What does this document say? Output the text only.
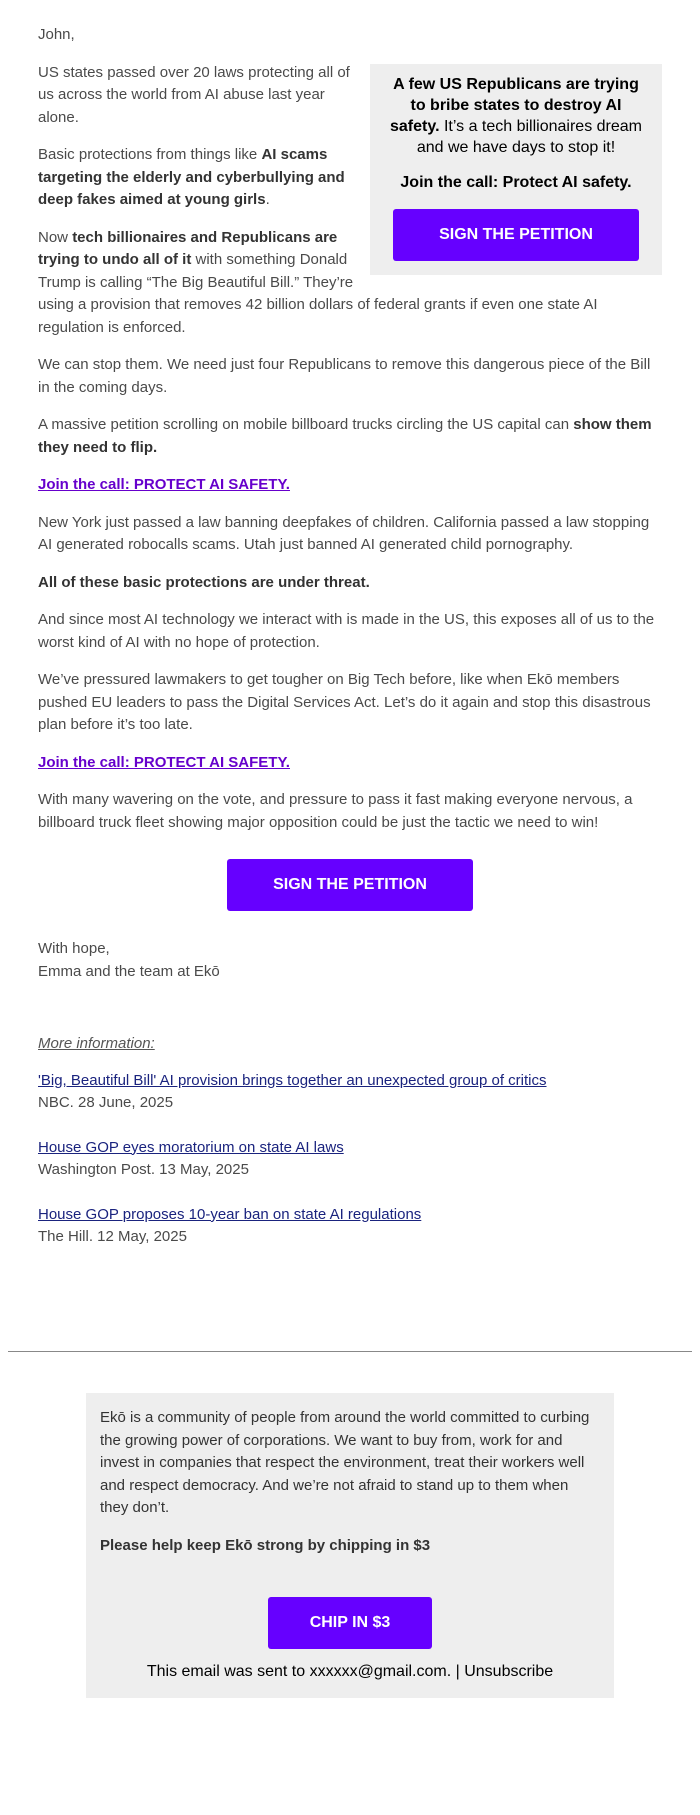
John,

A few US Republicans are trying to bribe states to destroy AI safety. It’s a tech billionaires dream and we have days to stop it!

Join the call: Protect AI safety.

SIGN THE PETITION

US states passed over 20 laws protecting all of us across the world from AI abuse last year alone.

Basic protections from things like AI scams targeting the elderly and cyberbullying and deep fakes aimed at young girls.

Now tech billionaires and Republicans are trying to undo all of it with something Donald Trump is calling “The Big Beautiful Bill.” They’re using a provision that removes 42 billion dollars of federal grants if even one state AI regulation is enforced.

We can stop them. We need just four Republicans to remove this dangerous piece of the Bill in the coming days.

A massive petition scrolling on mobile billboard trucks circling the US capital can show them they need to flip.

Join the call: PROTECT AI SAFETY.

New York just passed a law banning deepfakes of children. California passed a law stopping AI generated robocalls scams. Utah just banned AI generated child pornography.

All of these basic protections are under threat.

And since most AI technology we interact with is made in the US, this exposes all of us to the worst kind of AI with no hope of protection.

We’ve pressured lawmakers to get tougher on Big Tech before, like when Ekō members pushed EU leaders to pass the Digital Services Act. Let’s do it again and stop this disastrous plan before it’s too late.

Join the call: PROTECT AI SAFETY.

With many wavering on the vote, and pressure to pass it fast making everyone nervous, a billboard truck fleet showing major opposition could be just the tactic we need to win!

SIGN THE PETITION
With hope,
Emma and the team at Ekō

More information:

'Big, Beautiful Bill' AI provision brings together an unexpected group of critics
NBC. 28 June, 2025
House GOP eyes moratorium on state AI laws
Washington Post. 13 May, 2025
House GOP proposes 10-year ban on state AI regulations
The Hill. 12 May, 2025

Ekō is a community of people from around the world committed to curbing the growing power of corporations. We want to buy from, work for and invest in companies that respect the environment, treat their workers well and respect democracy. And we’re not afraid to stand up to them when they don’t.

Please help keep Ekō strong by chipping in $3

CHIP IN $3
This email was sent to xxxxxx@gmail.com. | Unsubscribe
